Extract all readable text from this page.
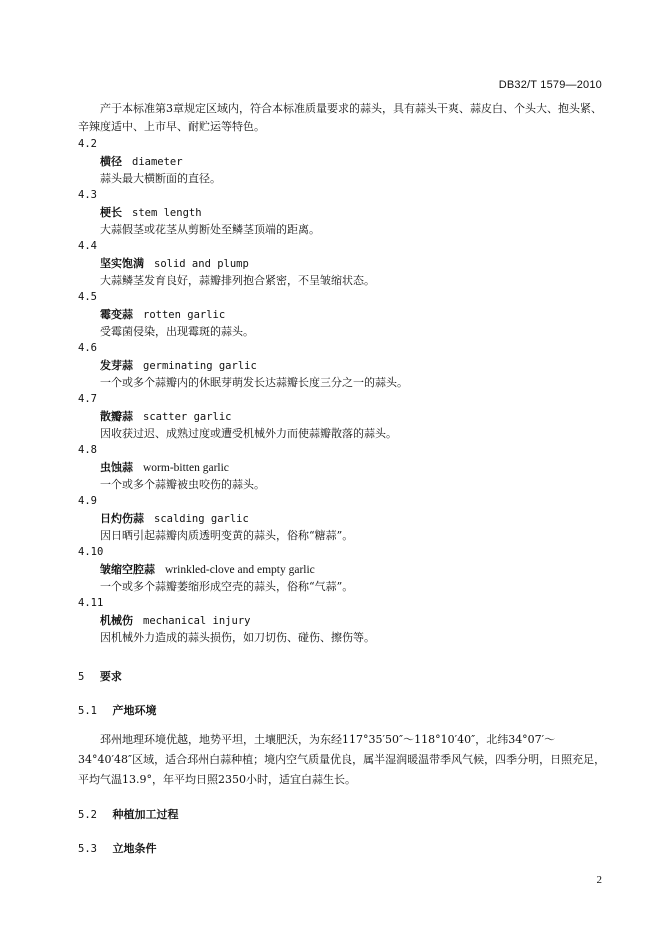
DB32/T 1579—2010

产于本标准第3章规定区域内，符合本标准质量要求的蒜头，具有蒜头干爽、蒜皮白、个头大、抱头紧、辛辣度适中、上市早、耐贮运等特色。

4.2
横径 diameter
蒜头最大横断面的直径。
4.3
梗长 stem length
大蒜假茎或花茎从剪断处至鳞茎顶端的距离。
4.4
坚实饱满 solid and plump
大蒜鳞茎发育良好，蒜瓣排列抱合紧密，不呈皱缩状态。
4.5
霉变蒜 rotten garlic
受霉菌侵染，出现霉斑的蒜头。
4.6
发芽蒜 germinating garlic
一个或多个蒜瓣内的休眠芽萌发长达蒜瓣长度三分之一的蒜头。
4.7
散瓣蒜 scatter garlic
因收获过迟、成熟过度或遭受机械外力而使蒜瓣散落的蒜头。
4.8
虫蚀蒜 worm-bitten garlic
一个或多个蒜瓣被虫咬伤的蒜头。
4.9
日灼伤蒜 scalding garlic
因日晒引起蒜瓣肉质透明变黄的蒜头，俗称“糖蒜”。
4.10
皱缩空腔蒜 wrinkled-clove and empty garlic
一个或多个蒜瓣萎缩形成空壳的蒜头，俗称“气蒜”。
4.11
机械伤 mechanical injury
因机械外力造成的蒜头损伤，如刀切伤、碰伤、擦伤等。
5 要求
5.1 产地环境

邳州地理环境优越，地势平坦，土壤肥沃，为东经117°35′50″～118°10′40″，北纬34°07′～34°40′48″区域，适合邳州白蒜种植；境内空气质量优良，属半湿润暖温带季风气候，四季分明，日照充足，平均气温13.9°，年平均日照2350小时，适宜白蒜生长。

5.2 种植加工过程
5.3 立地条件
2
